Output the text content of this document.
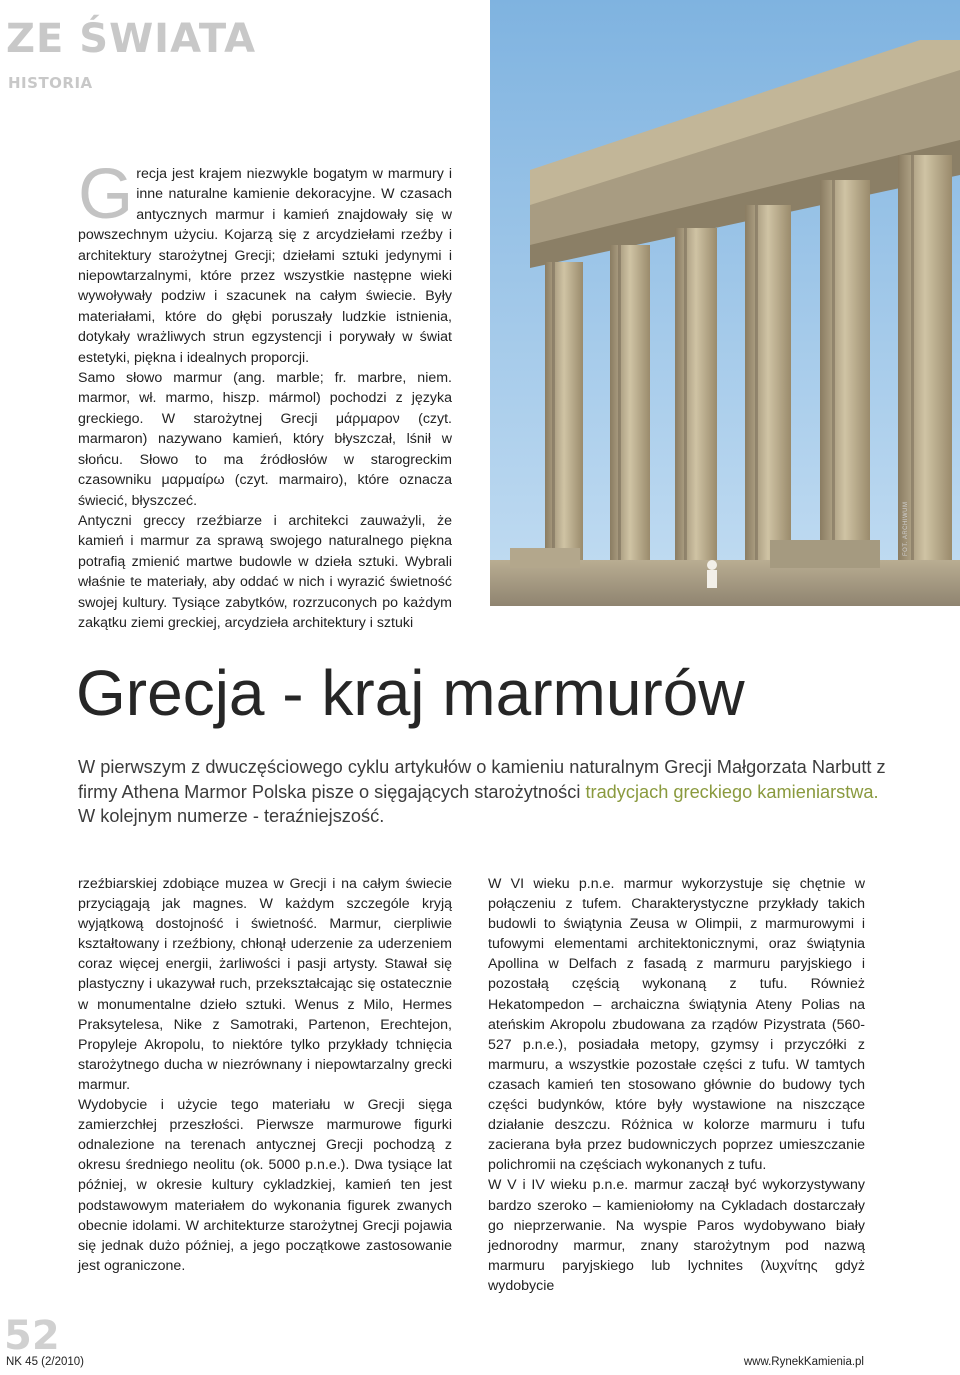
ZE ŚWIATA
HISTORIA
G recja jest krajem niezwykle bogatym w marmury i inne naturalne kamienie dekoracyjne. W czasach antycznych marmur i kamień znajdowały się w powszechnym użyciu. Kojarzą się z arcydziełami rzeźby i architektury starożytnej Grecji; dziełami sztuki jedynymi i niepowtarzalnymi, które przez wszystkie następne wieki wywoływały podziw i szacunek na całym świecie. Były materiałami, które do głębi poruszały ludzkie istnienia, dotykały wrażliwych strun egzystencji i porywały w świat estetyki, piękna i idealnych proporcji.

Samo słowo marmur (ang. marble; fr. marbre, niem. marmor, wł. marmo, hiszp. mármol) pochodzi z języka greckiego. W starożytnej Grecji μάρμαρον (czyt. marmaron) nazywano kamień, który błyszczał, lśnił w słońcu. Słowo to ma źródłosłów w starogreckim czasowniku μαρμαίρω (czyt. marmairo), które oznacza świecić, błyszczeć.

Antyczni greccy rzeźbiarze i architekci zauważyli, że kamień i marmur za sprawą swojego naturalnego piękna potrafią zmienić martwe budowle w dzieła sztuki. Wybrali właśnie te materiały, aby oddać w nich i wyrazić świetność swojej kultury. Tysiące zabytków, rozrzuconych po każdym zakątku ziemi greckiej, arcydzieła architektury i sztuki

FOT. ARCHIWUM
Grecja - kraj marmurów

W pierwszym z dwuczęściowego cyklu artykułów o kamieniu naturalnym Grecji Małgorzata Narbutt z firmy Athena Marmor Polska pisze o sięgających starożytności tradycjach greckiego kamieniarstwa. W kolejnym numerze - teraźniejszość.

rzeźbiarskiej zdobiące muzea w Grecji i na całym świecie przyciągają jak magnes. W każdym szczególe kryją wyjątkową dostojność i świetność. Marmur, cierpliwie kształtowany i rzeźbiony, chłonął uderzenie za uderzeniem coraz więcej energii, żarliwości i pasji artysty. Stawał się plastyczny i ukazywał ruch, przekształcając się ostatecznie w monumentalne dzieło sztuki. Wenus z Milo, Hermes Praksytelesa, Nike z Samotraki, Partenon, Erechtejon, Propyleje Akropolu, to niektóre tylko przykłady tchnięcia starożytnego ducha w niezrównany i niepowtarzalny grecki marmur.

Wydobycie i użycie tego materiału w Grecji sięga zamierzchłej przeszłości. Pierwsze marmurowe figurki odnalezione na terenach antycznej Grecji pochodzą z okresu średniego neolitu (ok. 5000 p.n.e.). Dwa tysiące lat później, w okresie kultury cykladzkiej, kamień ten jest podstawowym materiałem do wykonania figurek zwanych obecnie idolami. W architekturze starożytnej Grecji pojawia się jednak dużo później, a jego początkowe zastosowanie jest ograniczone.

W VI wieku p.n.e. marmur wykorzystuje się chętnie w połączeniu z tufem. Charakterystyczne przykłady takich budowli to świątynia Zeusa w Olimpii, z marmurowymi i tufowymi elementami architektonicznymi, oraz świątynia Apollina w Delfach z fasadą z marmuru paryjskiego i pozostałą częścią wykonaną z tufu. Również Hekatompedon – archaiczna świątynia Ateny Polias na ateńskim Akropolu zbudowana za rządów Pizystrata (560-527 p.n.e.), posiadała metopy, gzymsy i przyczółki z marmuru, a wszystkie pozostałe części z tufu. W tamtych czasach kamień ten stosowano głównie do budowy tych części budynków, które były wystawione na niszczące działanie deszczu. Różnica w kolorze marmuru i tufu zacierana była przez budowniczych poprzez umieszczanie polichromii na częściach wykonanych z tufu.

W V i IV wieku p.n.e. marmur zaczął być wykorzystywany bardzo szeroko – kamieniołomy na Cykladach dostarczały go nieprzerwanie. Na wyspie Paros wydobywano biały jednorodny marmur, znany starożytnym pod nazwą marmuru paryjskiego lub lychnites (λυχνίτης gdyż wydobycie

52
NK 45 (2/2010)	www.RynekKamienia.pl
